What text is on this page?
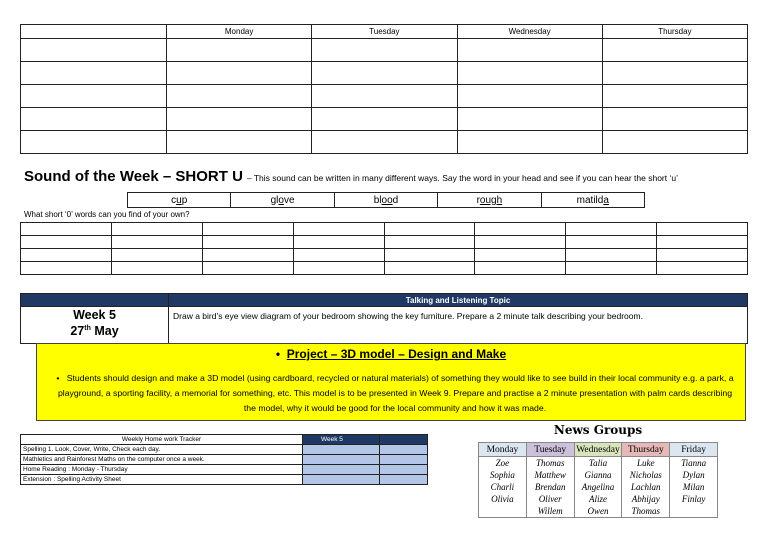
	Monday	Tuesday	Wednesday	Thursday

Sound of the Week – SHORT U – This sound can be written in many different ways. Say the word in your head and see if you can hear the short ‘u’
cup	glove	blood	rough	matilda
What short ‘0’ words can you find of your own?

	Talking and Listening Topic

Week 5
27th May	Draw a bird’s eye view diagram of your bedroom showing the key furniture. Prepare a 2 minute talk describing your bedroom.
• Project – 3D model – Design and Make
• Students should design and make a 3D model (using cardboard, recycled or natural materials) of something they would like to see build in their local community e.g. a park, a playground, a sporting facility, a memorial for something, etc. This model is to be presented in Week 9. Prepare and practise a 2 minute presentation with palm cards describing the model, why it would be good for the local community and how it was made.
Weekly Home work Tracker	Week 5	
Spelling 1. Look, Cover, Write, Check each day.		
Mathletics and Rainforest Maths on the computer once a week.		
Home Reading : Monday - Thursday		
Extension : Spelling Activity Sheet		
News Groups
Monday	Tuesday	Wednesday	Thursday	Friday
Zoe	Thomas	Talia	Luke	Tianna
Sophia	Matthew	Gianna	Nicholas	Dylan
Charli	Brendan	Angelina	Lachlan	Milan
Olivia	Oliver	Alize	Abhijay	Finlay
	Willem	Owen	Thomas	
